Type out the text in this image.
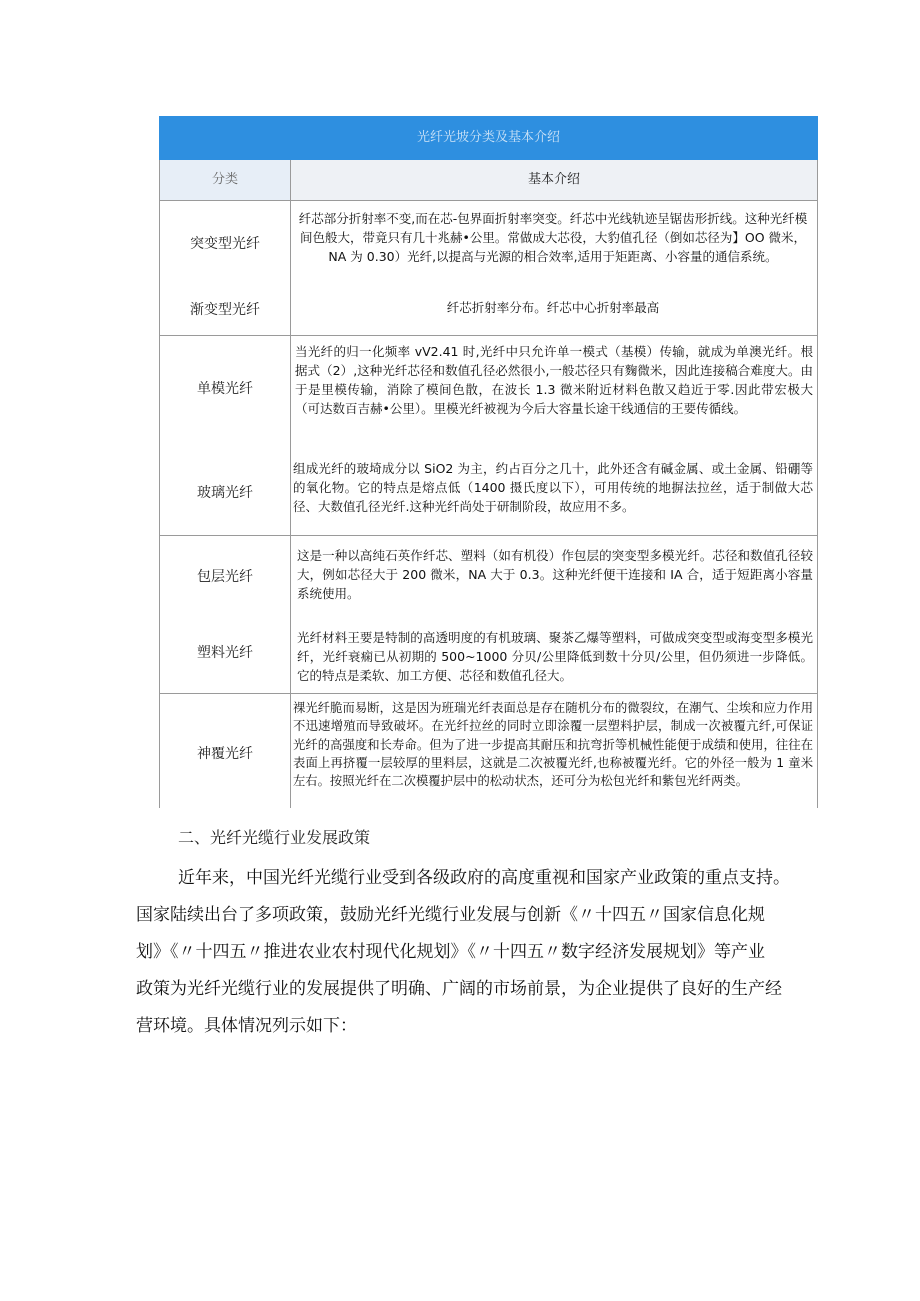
光纤光坡分类及基本介绍
分类	基本介绍
突变型光纤
渐变型光纤
纤芯部分折射率不变,而在芯-包界面折射率突变。纤芯中光线轨迹呈锯齿形折线。这种光纤模间色般大，带竟只有几十兆赫•公里。常做成大芯役，大豹值孔径（倒如芯径为】OO 微米，NA 为 0.30）光纤,以提高与光源的相合效率,适用于矩距离、小容量的通信系统。
纤芯折射率分布。纤芯中心折射率最高
单模光纤
玻璃光纤
当光纤的归一化频率 vV2.41 时,光纤中只允许单一模式（基模）传输，就成为单澳光纤。根据式（2）,这种光纤芯径和数值孔径必然很小,一般芯径只有麴微米，因此连接稿合难度大。由于是里模传输，消除了模间色散，在波长 1.3 微米附近材料色散又趋近于零.因此带宏极大（可达数百吉赫•公里）。里模光纤被视为今后大容量长途干线通信的王要传循线。
组成光纤的玻埼成分以 SiO2 为主，约占百分之几十，此外还含有碱金属、或土金属、铅硼等的氧化物。它的特点是熔点低（1400 摄氏度以下），可用传统的地摒法拉丝，适于制做大芯径、大数值孔径光纤.这种光纤尚处于研制阶段，故应用不多。
包层光纤
塑料光纤
这是一种以高纯石英作纤芯、塑料（如有机役）作包层的突变型多模光纤。芯径和数值孔径较大，例如芯径大于 200 微米，NA 大于 0.3。这种光纤便干连接和 IA 合，适于短距离小容量系统使用。
光纤材料王要是特制的高透明度的有机玻璃、聚茶乙爆等塑料，可做成突变型或海变型多模光纤，光纤衰痫已从初期的 500~1000 分贝/公里降低到数十分贝/公里，但仍须进一步降低。它的特点是柔软、加工方便、芯径和数值孔径大。
神覆光纤
裸光纤脆而易断，这是因为班瑞光纤表面总是存在随机分布的微裂纹，在潮气、尘埃和应力作用不迅速增殖而导致破坏。在光纤拉丝的同时立即涂覆一层塑料护层，制成一次被覆亢纤,可保证光纤的高强度和长寿命。但为了进一步提高其耐压和抗弯折等机械性能便于成绩和使用，往往在表面上再挤覆一层较厚的里料层，这就是二次被覆光纤,也称被覆光纤。它的外径一般为 1 童米左右。按照光纤在二次模覆护层中的松动状杰，还可分为松包光纤和紫包光纤两类。
二、光纤光缆行业发展政策
近年来，中国光纤光缆行业受到各级政府的高度重视和国家产业政策的重点支持。
国家陆续出台了多项政策，鼓励光纤光缆行业发展与创新《〃十四五〃国家信息化规
划》《〃十四五〃推进农业农村现代化规划》《〃十四五〃数字经济发展规划》等产业
政策为光纤光缆行业的发展提供了明确、广阔的市场前景，为企业提供了良好的生产经
营环境。具体情况列示如下：
